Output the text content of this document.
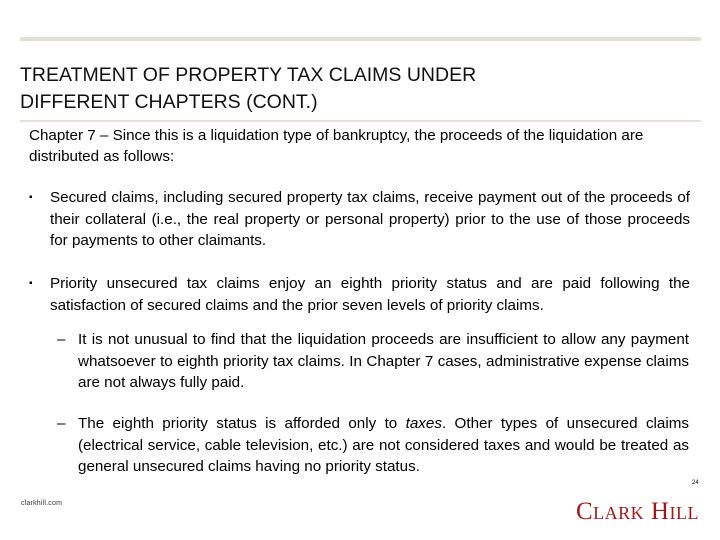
TREATMENT OF PROPERTY TAX CLAIMS UNDER
DIFFERENT CHAPTERS (CONT.)

Chapter 7 – Since this is a liquidation type of bankruptcy, the proceeds of the liquidation are distributed as follows:

▪ Secured claims, including secured property tax claims, receive payment out of the proceeds of their collateral (i.e., the real property or personal property) prior to the use of those proceeds for payments to other claimants.
▪ Priority unsecured tax claims enjoy an eighth priority status and are paid following the satisfaction of secured claims and the prior seven levels of priority claims.
– It is not unusual to find that the liquidation proceeds are insufficient to allow any payment whatsoever to eighth priority tax claims. In Chapter 7 cases, administrative expense claims are not always fully paid.
– The eighth priority status is afforded only to taxes. Other types of unsecured claims (electrical service, cable television, etc.) are not considered taxes and would be treated as general unsecured claims having no priority status.
24
clarkhill.com	Clark Hill
